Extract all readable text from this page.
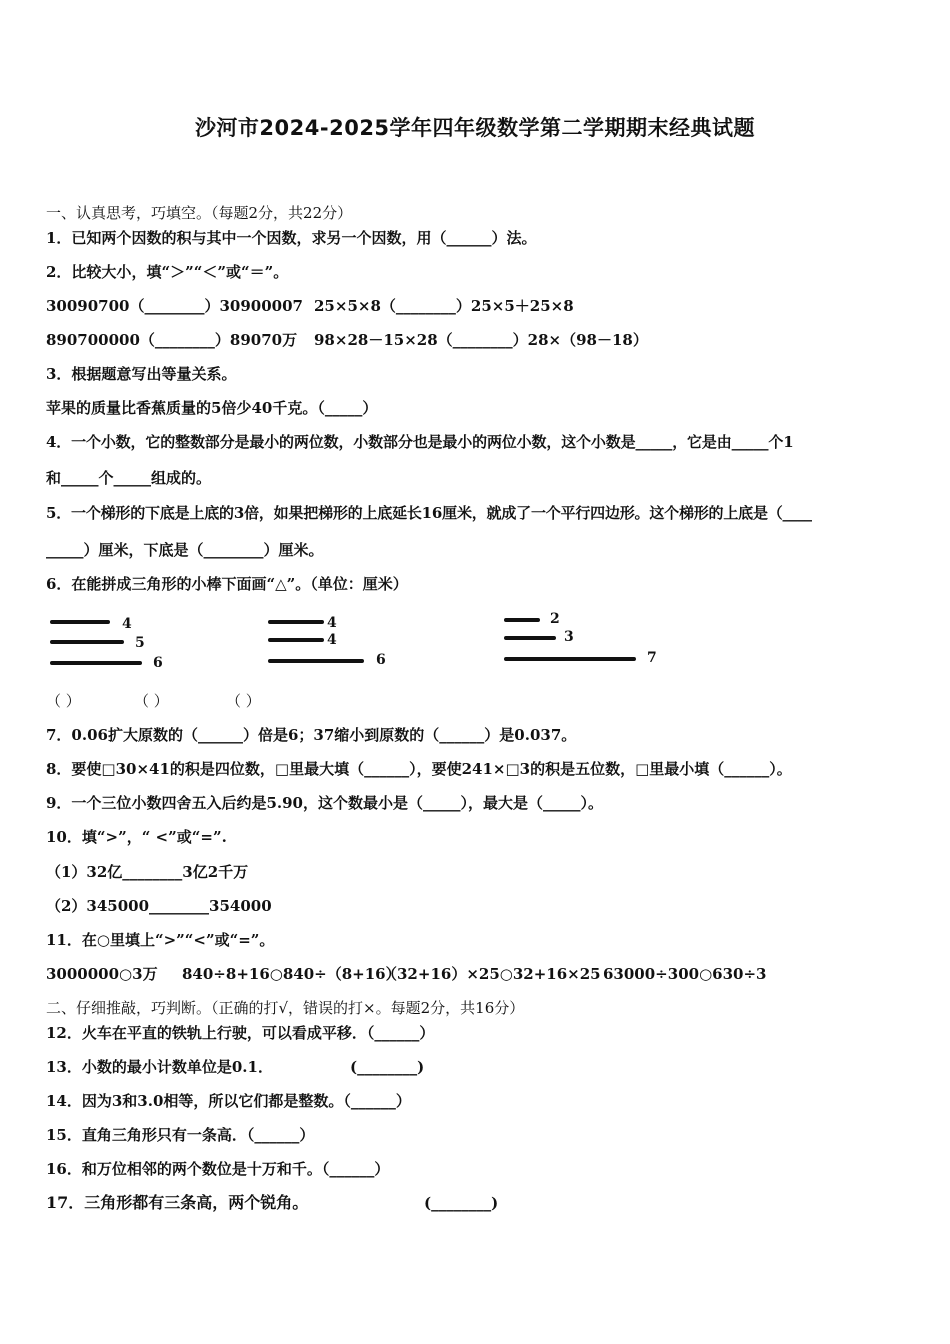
沙河市2024-2025学年四年级数学第二学期期末经典试题
一、认真思考，巧填空。（每题2分，共22分）
1．已知两个因数的积与其中一个因数，求另一个因数，用（______）法。
2．比较大小，填“＞”“＜”或“＝”。
30090700（________）30900007 25×5×8（________）25×5＋25×8
890700000（________）89070万 98×28－15×28（________）28×（98－18）
3．根据题意写出等量关系。
苹果的质量比香蕉质量的5倍少40千克。（_____）
4．一个小数，它的整数部分是最小的两位数，小数部分也是最小的两位小数，这个小数是_____，它是由_____个1
和_____个_____组成的。
5．一个梯形的下底是上底的3倍，如果把梯形的上底延长16厘米，就成了一个平行四边形。这个梯形的上底是（____
_____）厘米，下底是（________）厘米。
6．在能拼成三角形的小棒下面画“△”。（单位：厘米）
4
5
6
4
4
6
2
3
7
（ ）	（ ）	（ ）
7．0.06扩大原数的（______）倍是6；37缩小到原数的（______）是0.037。
8．要使□30×41的积是四位数，□里最大填（______），要使241×□3的积是五位数，□里最小填（______）。
9．一个三位小数四舍五入后约是5.90，这个数最小是（_____），最大是（_____）。
10．填“>”，“ <”或“=”.
（1）32亿________3亿2千万
（2）345000________354000
11．在○里填上“>”“<”或“=”。
3000000○3万 840÷8+16○840÷（8+16）
（32+16）×25○32+16×25 63000÷300○630÷3
二、仔细推敲，巧判断。（正确的打√，错误的打×。每题2分，共16分）
12．火车在平直的铁轨上行驶，可以看成平移．（______）
13．小数的最小计数单位是0.1．	(________)
14．因为3和3.0相等，所以它们都是整数。（______）
15．直角三角形只有一条高．（______）
16．和万位相邻的两个数位是十万和千。（______）
17．三角形都有三条高，两个锐角。	(________)
